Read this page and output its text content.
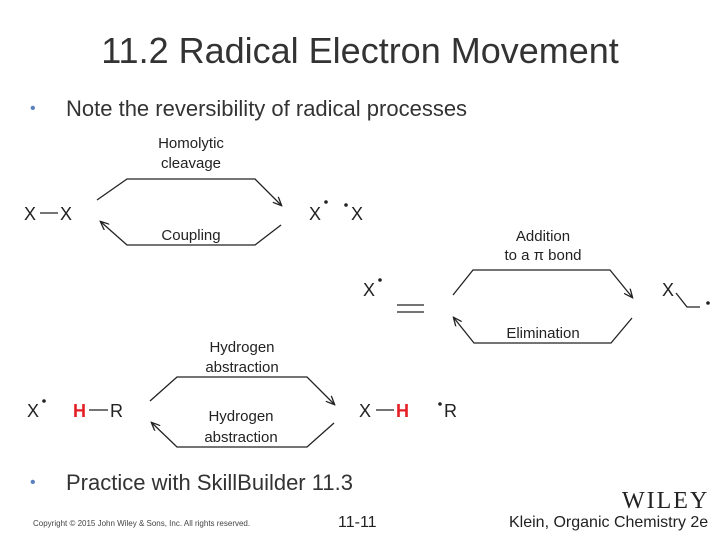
11.2 Radical Electron Movement
• Note the reversibility of radical processes
X X
Homolytic
cleavage
Coupling
X X
X
Addition
to a π bond
Elimination
X
X H R
Hydrogen
abstraction
Hydrogen
abstraction
X H R
• Practice with SkillBuilder 11.3
Copyright © 2015 John Wiley & Sons, Inc. All rights reserved.	11-11
WILEY
Klein, Organic Chemistry 2e
